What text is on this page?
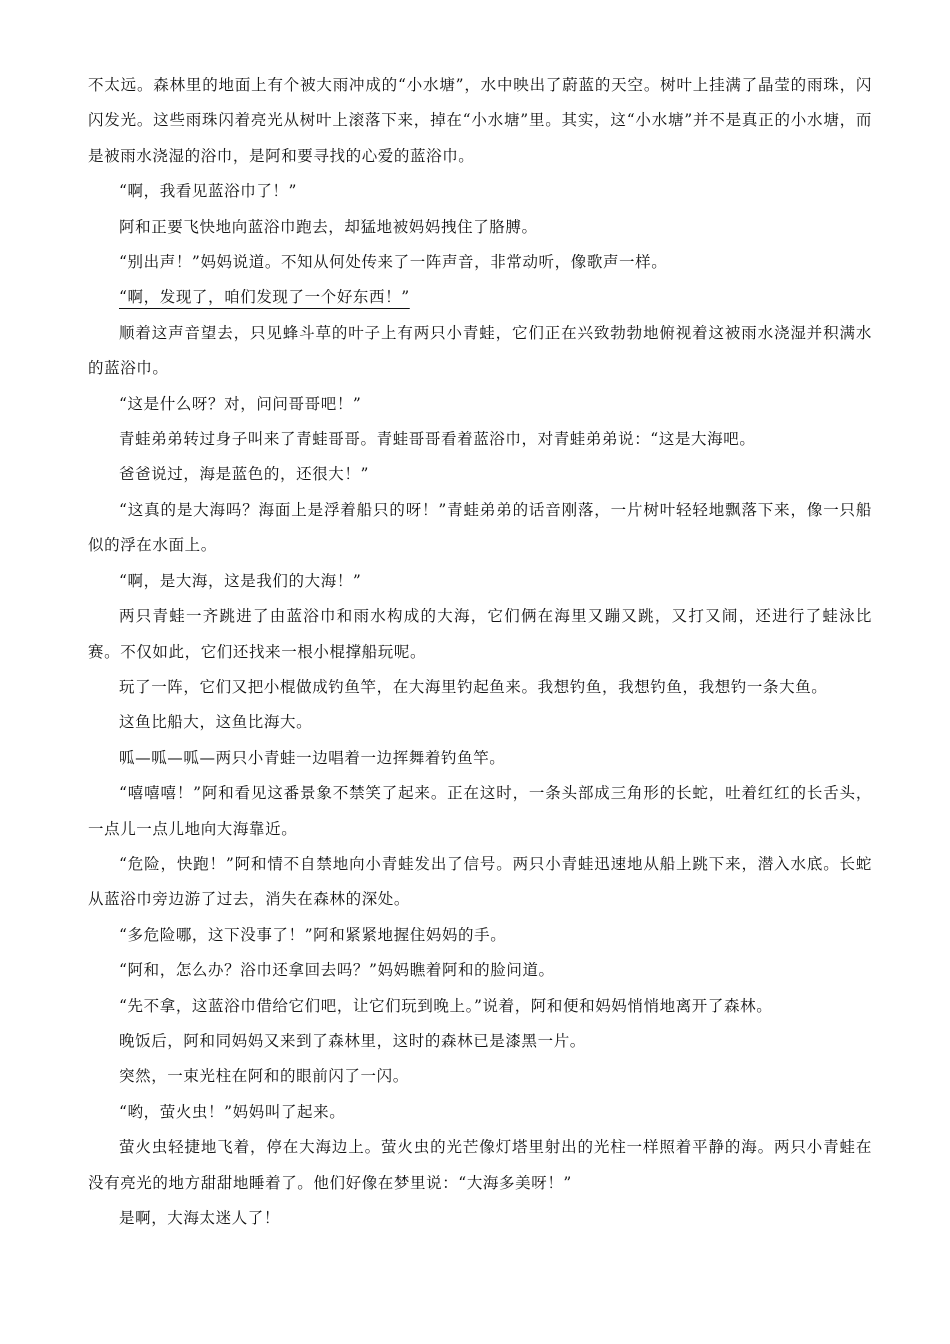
不太远。森林里的地面上有个被大雨冲成的“小水塘”，水中映出了蔚蓝的天空。树叶上挂满了晶莹的雨珠，闪闪发光。这些雨珠闪着亮光从树叶上滚落下来，掉在“小水塘”里。其实，这“小水塘”并不是真正的小水塘，而是被雨水浇湿的浴巾，是阿和要寻找的心爱的蓝浴巾。

“啊，我看见蓝浴巾了！”

阿和正要飞快地向蓝浴巾跑去，却猛地被妈妈拽住了胳膊。

“别出声！”妈妈说道。不知从何处传来了一阵声音，非常动听，像歌声一样。

“啊，发现了，咱们发现了一个好东西！”

顺着这声音望去，只见蜂斗草的叶子上有两只小青蛙，它们正在兴致勃勃地俯视着这被雨水浇湿并积满水的蓝浴巾。

“这是什么呀？对，问问哥哥吧！”

青蛙弟弟转过身子叫来了青蛙哥哥。青蛙哥哥看着蓝浴巾，对青蛙弟弟说：“这是大海吧。

爸爸说过，海是蓝色的，还很大！”

“这真的是大海吗？海面上是浮着船只的呀！”青蛙弟弟的话音刚落，一片树叶轻轻地飘落下来，像一只船似的浮在水面上。

“啊，是大海，这是我们的大海！”

两只青蛙一齐跳进了由蓝浴巾和雨水构成的大海，它们俩在海里又蹦又跳，又打又闹，还进行了蛙泳比赛。不仅如此，它们还找来一根小棍撑船玩呢。

玩了一阵，它们又把小棍做成钓鱼竿，在大海里钓起鱼来。我想钓鱼，我想钓鱼，我想钓一条大鱼。

这鱼比船大，这鱼比海大。

呱—呱—呱—两只小青蛙一边唱着一边挥舞着钓鱼竿。

“嘻嘻嘻！”阿和看见这番景象不禁笑了起来。正在这时，一条头部成三角形的长蛇，吐着红红的长舌头，一点儿一点儿地向大海靠近。

“危险，快跑！”阿和情不自禁地向小青蛙发出了信号。两只小青蛙迅速地从船上跳下来，潜入水底。长蛇从蓝浴巾旁边游了过去，消失在森林的深处。

“多危险哪，这下没事了！”阿和紧紧地握住妈妈的手。

“阿和，怎么办？浴巾还拿回去吗？”妈妈瞧着阿和的脸问道。

“先不拿，这蓝浴巾借给它们吧，让它们玩到晚上。”说着，阿和便和妈妈悄悄地离开了森林。

晚饭后，阿和同妈妈又来到了森林里，这时的森林已是漆黑一片。

突然，一束光柱在阿和的眼前闪了一闪。

“哟，萤火虫！”妈妈叫了起来。

萤火虫轻捷地飞着，停在大海边上。萤火虫的光芒像灯塔里射出的光柱一样照着平静的海。两只小青蛙在没有亮光的地方甜甜地睡着了。他们好像在梦里说：“大海多美呀！”

是啊，大海太迷人了！
